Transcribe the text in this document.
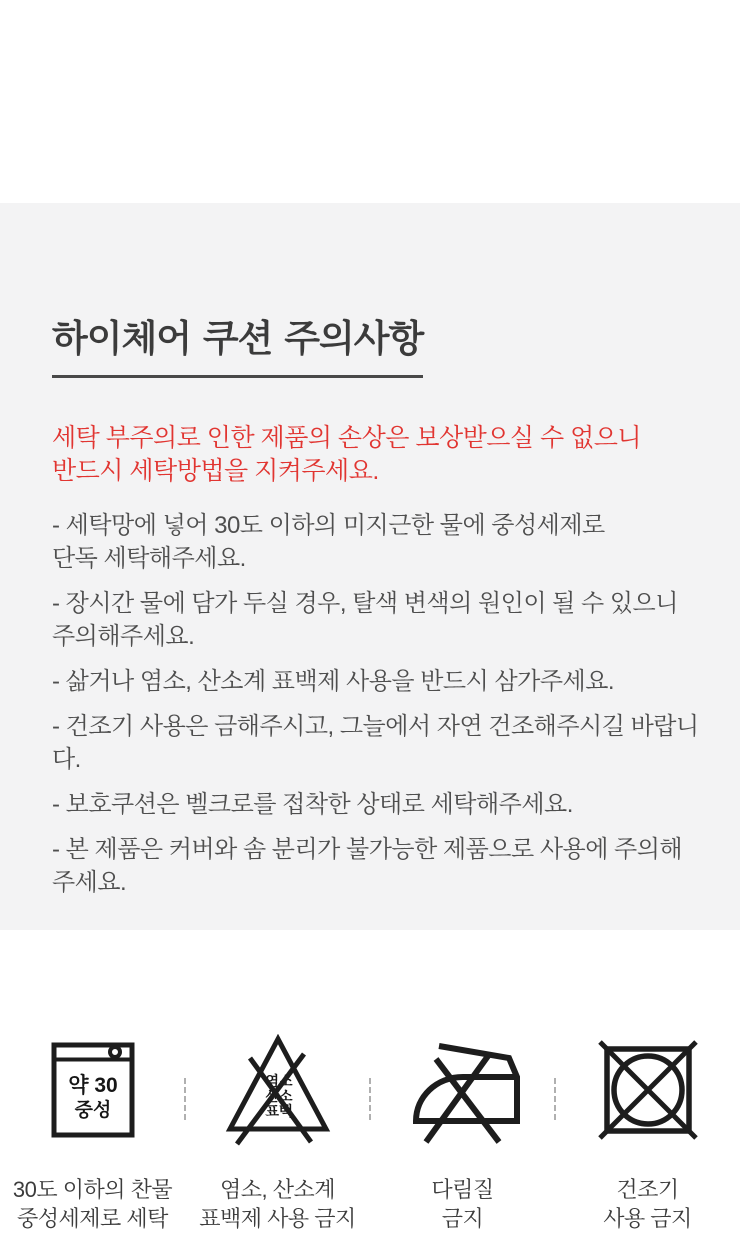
하이체어 쿠션 주의사항

세탁 부주의로 인한 제품의 손상은 보상받으실 수 없으니
반드시 세탁방법을 지켜주세요.

- 세탁망에 넣어 30도 이하의 미지근한 물에 중성세제로
단독 세탁해주세요.
- 장시간 물에 담가 두실 경우, 탈색 변색의 원인이 될 수 있으니
주의해주세요.
- 삶거나 염소, 산소계 표백제 사용을 반드시 삼가주세요.
- 건조기 사용은 금해주시고, 그늘에서 자연 건조해주시길 바랍니다.
- 보호쿠션은 벨크로를 접착한 상태로 세탁해주세요.
- 본 제품은 커버와 솜 분리가 불가능한 제품으로 사용에 주의해주세요.
약 30
중성
30도 이하의 찬물
중성세제로 세탁
염소
산소
표백
염소, 산소계
표백제 사용 금지
다림질
금지
건조기
사용 금지
